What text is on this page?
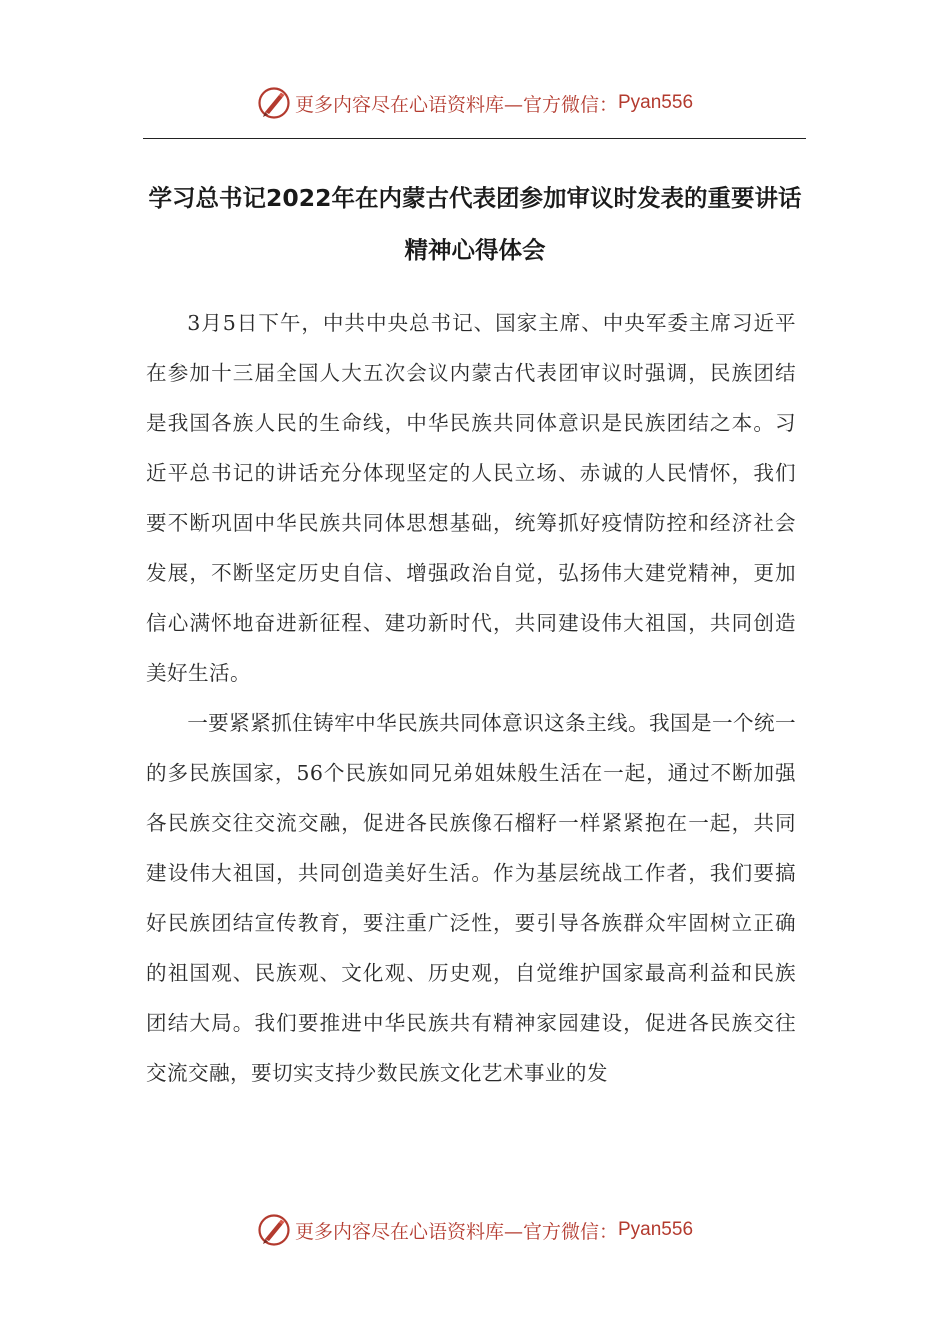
更多内容尽在心语资料库—官方微信： Pyan556
学习总书记2022年在内蒙古代表团参加审议时发表的重要讲话精神心得体会

3月5日下午，中共中央总书记、国家主席、中央军委主席习近平在参加十三届全国人大五次会议内蒙古代表团审议时强调，民族团结是我国各族人民的生命线，中华民族共同体意识是民族团结之本。习近平总书记的讲话充分体现坚定的人民立场、赤诚的人民情怀，我们要不断巩固中华民族共同体思想基础，统筹抓好疫情防控和经济社会发展，不断坚定历史自信、增强政治自觉，弘扬伟大建党精神，更加信心满怀地奋进新征程、建功新时代，共同建设伟大祖国，共同创造美好生活。

一要紧紧抓住铸牢中华民族共同体意识这条主线。我国是一个统一的多民族国家，56个民族如同兄弟姐妹般生活在一起，通过不断加强各民族交往交流交融，促进各民族像石榴籽一样紧紧抱在一起，共同建设伟大祖国，共同创造美好生活。作为基层统战工作者，我们要搞好民族团结宣传教育，要注重广泛性，要引导各族群众牢固树立正确的祖国观、民族观、文化观、历史观，自觉维护国家最高利益和民族团结大局。我们要推进中华民族共有精神家园建设，促进各民族交往交流交融，要切实支持少数民族文化艺术事业的发

更多内容尽在心语资料库—官方微信： Pyan556
